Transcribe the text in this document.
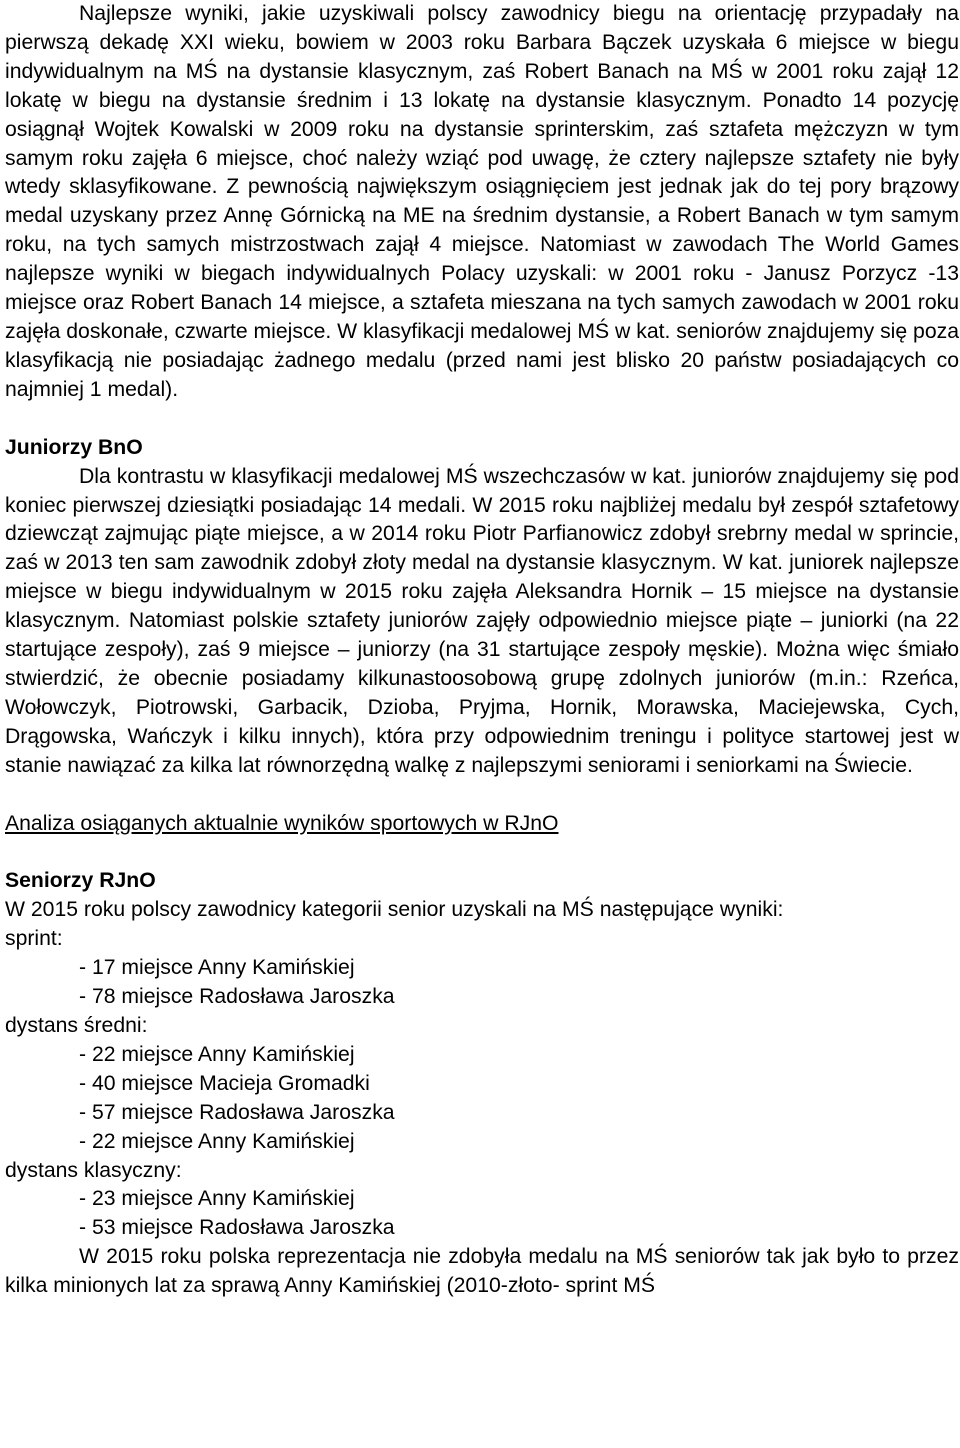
Najlepsze wyniki, jakie uzyskiwali polscy zawodnicy biegu na orientację przypadały na pierwszą dekadę XXI wieku, bowiem w 2003 roku Barbara Bączek uzyskała 6 miejsce w biegu indywidualnym na MŚ na dystansie klasycznym, zaś Robert Banach na MŚ w 2001 roku zajął 12 lokatę w biegu na dystansie średnim i 13 lokatę na dystansie klasycznym. Ponadto 14 pozycję osiągnął Wojtek Kowalski w 2009 roku na dystansie sprinterskim, zaś sztafeta mężczyzn w tym samym roku zajęła 6 miejsce, choć należy wziąć pod uwagę, że cztery najlepsze sztafety nie były wtedy sklasyfikowane. Z pewnością największym osiągnięciem jest jednak jak do tej pory brązowy medal uzyskany przez Annę Górnicką na ME na średnim dystansie, a Robert Banach w tym samym roku, na tych samych mistrzostwach zajął 4 miejsce. Natomiast w zawodach The World Games najlepsze wyniki w biegach indywidualnych Polacy uzyskali: w 2001 roku - Janusz Porzycz -13 miejsce oraz Robert Banach 14 miejsce, a sztafeta mieszana na tych samych zawodach w 2001 roku zajęła doskonałe, czwarte miejsce. W klasyfikacji medalowej MŚ w kat. seniorów znajdujemy się poza klasyfikacją nie posiadając żadnego medalu (przed nami jest blisko 20 państw posiadających co najmniej 1 medal).

Juniorzy BnO

Dla kontrastu w klasyfikacji medalowej MŚ wszechczasów w kat. juniorów znajdujemy się pod koniec pierwszej dziesiątki posiadając 14 medali. W 2015 roku najbliżej medalu był zespół sztafetowy dziewcząt zajmując piąte miejsce, a w 2014 roku Piotr Parfianowicz zdobył srebrny medal w sprincie, zaś w 2013 ten sam zawodnik zdobył złoty medal na dystansie klasycznym. W kat. juniorek najlepsze miejsce w biegu indywidualnym w 2015 roku zajęła Aleksandra Hornik – 15 miejsce na dystansie klasycznym. Natomiast polskie sztafety juniorów zajęły odpowiednio miejsce piąte – juniorki (na 22 startujące zespoły), zaś 9 miejsce – juniorzy (na 31 startujące zespoły męskie). Można więc śmiało stwierdzić, że obecnie posiadamy kilkunastoosobową grupę zdolnych juniorów (m.in.: Rzeńca, Wołowczyk, Piotrowski, Garbacik, Dzioba, Pryjma, Hornik, Morawska, Maciejewska, Cych, Drągowska, Wańczyk i kilku innych), która przy odpowiednim treningu i polityce startowej jest w stanie nawiązać za kilka lat równorzędną walkę z najlepszymi seniorami i seniorkami na Świecie.

Analiza osiąganych aktualnie wyników sportowych w RJnO

Seniorzy RJnO

W 2015 roku polscy zawodnicy kategorii senior uzyskali na MŚ następujące wyniki:

sprint:

- 17 miejsce Anny Kamińskiej

- 78 miejsce Radosława Jaroszka

dystans średni:

- 22 miejsce Anny Kamińskiej

- 40 miejsce Macieja Gromadki

- 57 miejsce Radosława Jaroszka

- 22 miejsce Anny Kamińskiej

dystans klasyczny:

- 23 miejsce Anny Kamińskiej

- 53 miejsce Radosława Jaroszka

W 2015 roku polska reprezentacja nie zdobyła medalu na MŚ seniorów tak jak było to przez kilka minionych lat za sprawą Anny Kamińskiej (2010-złoto- sprint MŚ
